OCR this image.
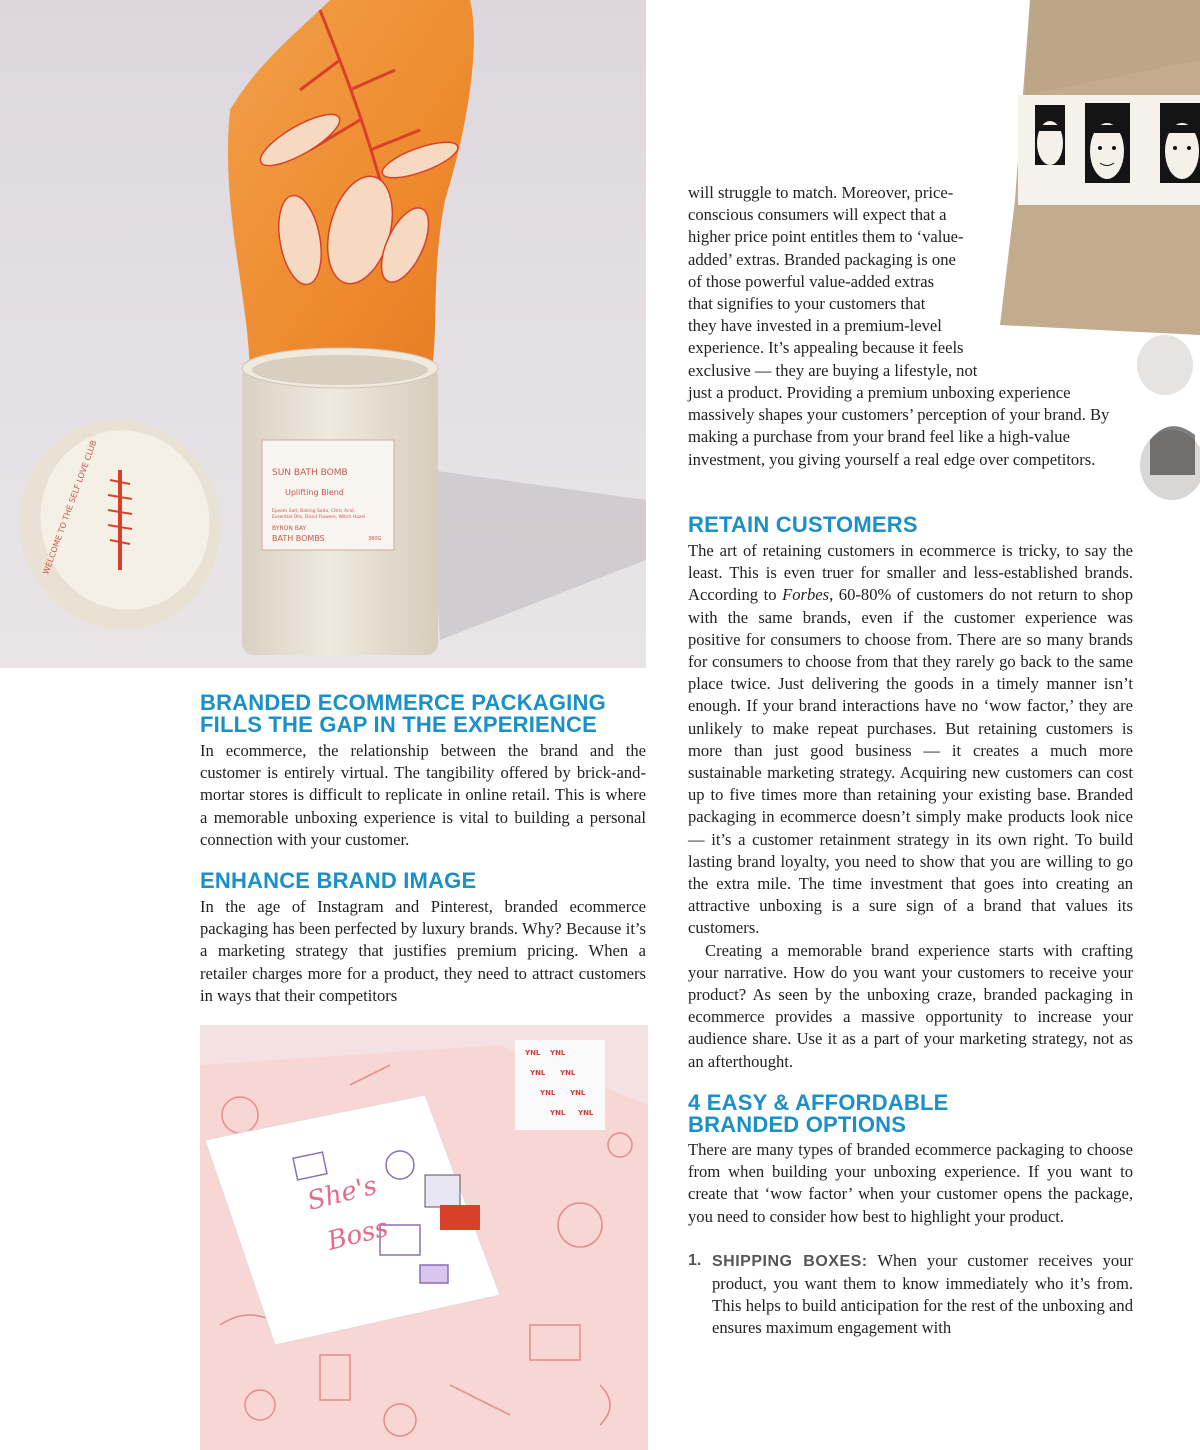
SUN BATH BOMB
Uplifting Blend
Epsom Salt, Baking Soda, Citric Acid,
Essential Oils, Dried Flowers, Witch Hazel
BYRON BAY
BATH BOMBS	380G
WELCOME TO THE SELF LOVE CLUB
YNL YNL
YNL YNL
YNL YNL
YNL YNL
She's
Boss
will struggle to match. Moreover, price-
conscious consumers will expect that a
higher price point entitles them to ‘value-
added’ extras. Branded packaging is one
of those powerful value-added extras
that signifies to your customers that
they have invested in a premium-level
experience. It’s appealing because it feels
exclusive — they are buying a lifestyle, not

just a product. Providing a premium unboxing experience massively shapes your customers’ perception of your brand. By making a purchase from your brand feel like a high-value investment, you giving yourself a real edge over competitors.

BRANDED ECOMMERCE PACKAGING
FILLS THE GAP IN THE EXPERIENCE

In ecommerce, the relationship between the brand and the customer is entirely virtual. The tangibility offered by brick-and-mortar stores is difficult to replicate in online retail. This is where a memorable unboxing experience is vital to building a personal connection with your customer.

ENHANCE BRAND IMAGE

In the age of Instagram and Pinterest, branded ecommerce packaging has been perfected by luxury brands. Why? Because it’s a marketing strategy that justifies premium pricing. When a retailer charges more for a product, they need to attract customers in ways that their competitors

RETAIN CUSTOMERS

The art of retaining customers in ecommerce is tricky, to say the least. This is even truer for smaller and less-established brands. According to Forbes, 60-80% of customers do not return to shop with the same brands, even if the customer experience was positive for consumers to choose from. There are so many brands for consumers to choose from that they rarely go back to the same place twice. Just delivering the goods in a timely manner isn’t enough. If your brand interactions have no ‘wow factor,’ they are unlikely to make repeat purchases. But retaining customers is more than just good business — it creates a much more sustainable marketing strategy. Acquiring new customers can cost up to five times more than retaining your existing base. Branded packaging in ecommerce doesn’t simply make products look nice — it’s a customer retainment strategy in its own right. To build lasting brand loyalty, you need to show that you are willing to go the extra mile. The time investment that goes into creating an attractive unboxing is a sure sign of a brand that values its customers.

Creating a memorable brand experience starts with crafting your narrative. How do you want your customers to receive your product? As seen by the unboxing craze, branded packaging in ecommerce provides a massive opportunity to increase your audience share. Use it as a part of your marketing strategy, not as an afterthought.

4 EASY & AFFORDABLE
BRANDED OPTIONS

There are many types of branded ecommerce packaging to choose from when building your unboxing experience. If you want to create that ‘wow factor’ when your customer opens the package, you need to consider how best to highlight your product.

1. SHIPPING BOXES: When your customer receives your product, you want them to know immediately who it’s from. This helps to build anticipation for the rest of the unboxing and ensures maximum engagement with
